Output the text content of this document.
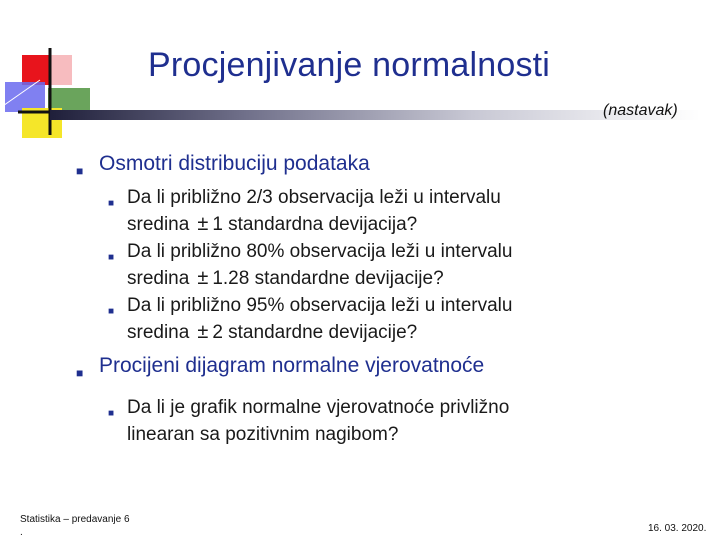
Procjenjivanje normalnosti
(nastavak)
■ Osmotri distribuciju podataka
■ Da li približno 2/3 observacija leži u intervalu
sredina ± 1 standardna devijacija?
■ Da li približno 80% observacija leži u intervalu
sredina ± 1.28 standardne devijacije?
■ Da li približno 95% observacija leži u intervalu
sredina ± 2 standardne devijacije?
■ Procijeni dijagram normalne vjerovatnoće
■ Da li je grafik normalne vjerovatnoće privližno
linearan sa pozitivnim nagibom?
Statistika – predavanje 6
.	16. 03. 2020.
